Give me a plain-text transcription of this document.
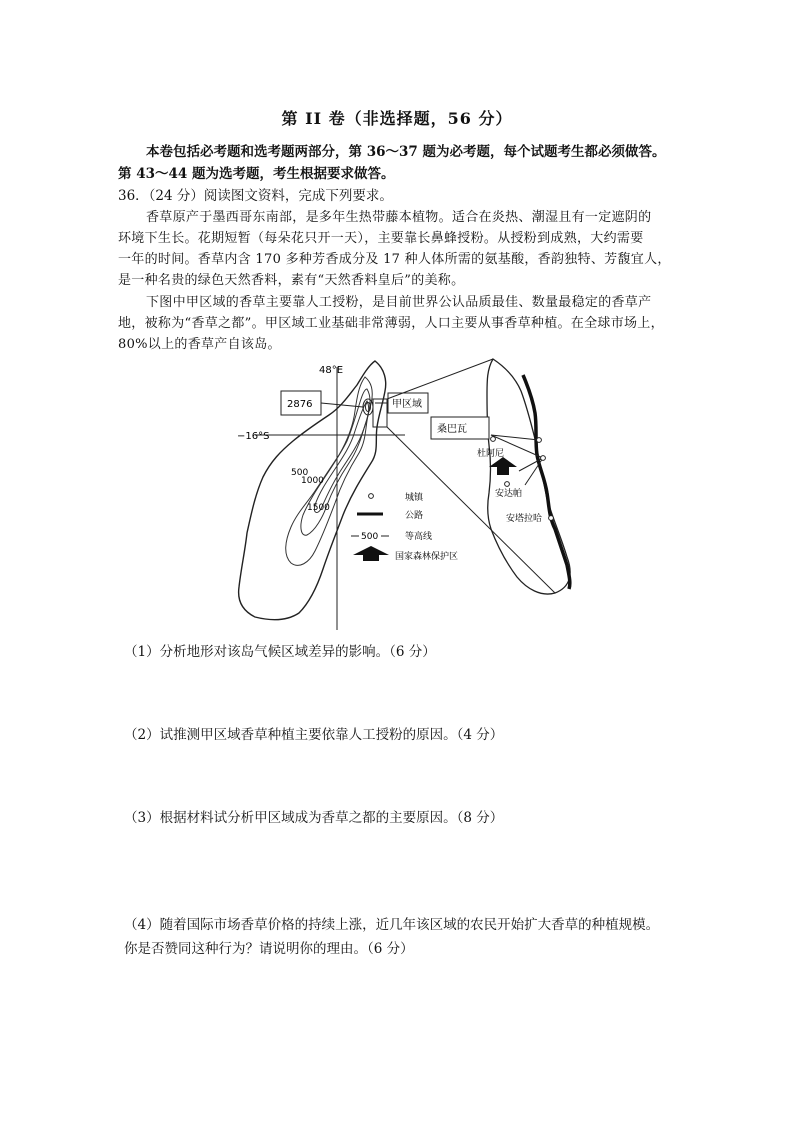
第 II 卷（非选择题，56 分）
本卷包括必考题和选考题两部分，第 36～37 题为必考题，每个试题考生都必须做答。
第 43～44 题为选考题，考生根据要求做答。
36．（24 分）阅读图文资料，完成下列要求。
香草原产于墨西哥东南部，是多年生热带藤本植物。适合在炎热、潮湿且有一定遮阴的
环境下生长。花期短暂（每朵花只开一天），主要靠长鼻蜂授粉。从授粉到成熟，大约需要
一年的时间。香草内含 170 多种芳香成分及 17 种人体所需的氨基酸，香韵独特、芳馥宜人，
是一种名贵的绿色天然香料，素有“天然香料皇后”的美称。
下图中甲区域的香草主要靠人工授粉，是目前世界公认品质最佳、数量最稳定的香草产
地，被称为“香草之都”。甲区域工业基础非常薄弱，人口主要从事香草种植。在全球市场上，
80%以上的香草产自该岛。
48°E
−16°S
500
1000
1500
2876	甲区域
桑巴瓦
杜阿尼
安达帕
安塔拉哈
城镇
公路
500	等高线
国家森林保护区
（1）分析地形对该岛气候区域差异的影响。（6 分）
（2）试推测甲区域香草种植主要依靠人工授粉的原因。（4 分）
（3）根据材料试分析甲区域成为香草之都的主要原因。（8 分）
（4）随着国际市场香草价格的持续上涨，近几年该区域的农民开始扩大香草的种植规模。
你是否赞同这种行为？请说明你的理由。（6 分）
